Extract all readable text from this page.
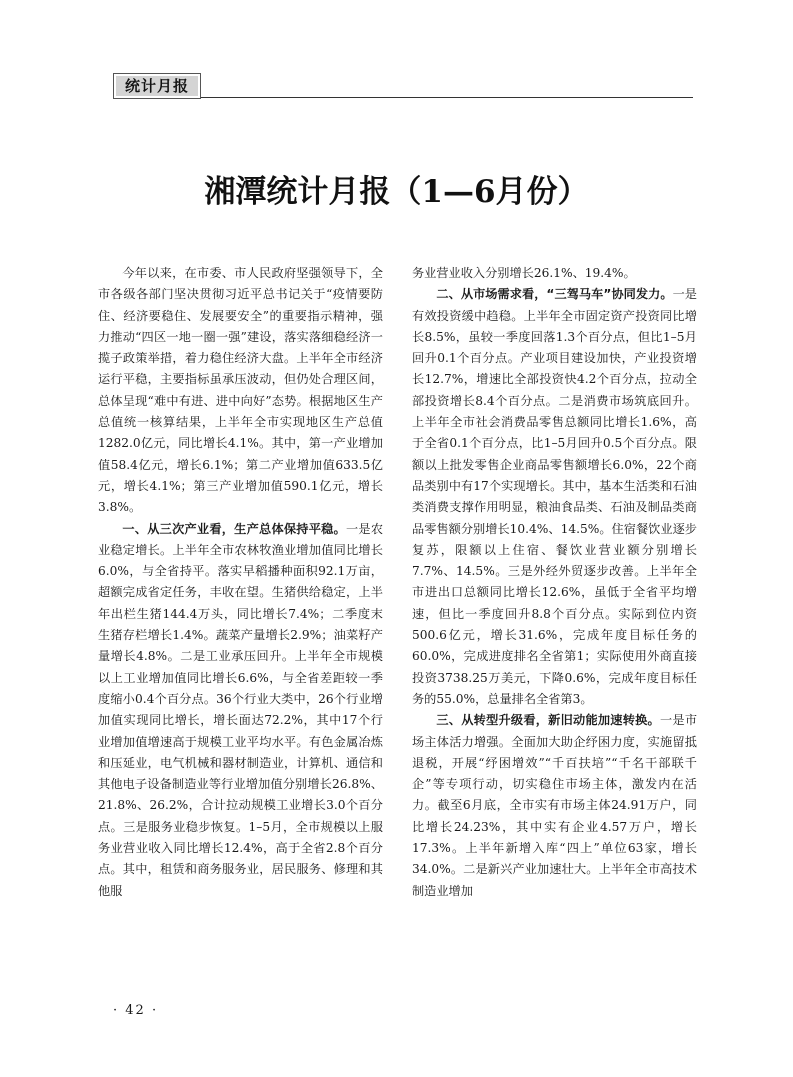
统计月报
湘潭统计月报（1—6月份）

今年以来，在市委、市人民政府坚强领导下，全市各级各部门坚决贯彻习近平总书记关于“疫情要防住、经济要稳住、发展要安全”的重要指示精神，强力推动“四区一地一圈一强”建设，落实落细稳经济一揽子政策举措，着力稳住经济大盘。上半年全市经济运行平稳，主要指标虽承压波动，但仍处合理区间，总体呈现“难中有进、进中向好”态势。根据地区生产总值统一核算结果，上半年全市实现地区生产总值1282.0亿元，同比增长4.1%。其中，第一产业增加值58.4亿元，增长6.1%；第二产业增加值633.5亿元，增长4.1%；第三产业增加值590.1亿元，增长3.8%。

一、从三次产业看，生产总体保持平稳。一是农业稳定增长。上半年全市农林牧渔业增加值同比增长6.0%，与全省持平。落实早稻播种面积92.1万亩，超额完成省定任务，丰收在望。生猪供给稳定，上半年出栏生猪144.4万头，同比增长7.4%；二季度末生猪存栏增长1.4%。蔬菜产量增长2.9%；油菜籽产量增长4.8%。二是工业承压回升。上半年全市规模以上工业增加值同比增长6.6%，与全省差距较一季度缩小0.4个百分点。36个行业大类中，26个行业增加值实现同比增长，增长面达72.2%，其中17个行业增加值增速高于规模工业平均水平。有色金属冶炼和压延业，电气机械和器材制造业，计算机、通信和其他电子设备制造业等行业增加值分别增长26.8%、21.8%、26.2%，合计拉动规模工业增长3.0个百分点。三是服务业稳步恢复。1–5月，全市规模以上服务业营业收入同比增长12.4%，高于全省2.8个百分点。其中，租赁和商务服务业，居民服务、修理和其他服

务业营业收入分别增长26.1%、19.4%。

二、从市场需求看，“三驾马车”协同发力。一是有效投资缓中趋稳。上半年全市固定资产投资同比增长8.5%，虽较一季度回落1.3个百分点，但比1–5月回升0.1个百分点。产业项目建设加快，产业投资增长12.7%，增速比全部投资快4.2个百分点，拉动全部投资增长8.4个百分点。二是消费市场筑底回升。上半年全市社会消费品零售总额同比增长1.6%，高于全省0.1个百分点，比1–5月回升0.5个百分点。限额以上批发零售企业商品零售额增长6.0%，22个商品类别中有17个实现增长。其中，基本生活类和石油类消费支撑作用明显，粮油食品类、石油及制品类商品零售额分别增长10.4%、14.5%。住宿餐饮业逐步复苏，限额以上住宿、餐饮业营业额分别增长7.7%、14.5%。三是外经外贸逐步改善。上半年全市进出口总额同比增长12.6%，虽低于全省平均增速，但比一季度回升8.8个百分点。实际到位内资500.6亿元，增长31.6%，完成年度目标任务的60.0%，完成进度排名全省第1；实际使用外商直接投资3738.25万美元，下降0.6%，完成年度目标任务的55.0%，总量排名全省第3。

三、从转型升级看，新旧动能加速转换。一是市场主体活力增强。全面加大助企纾困力度，实施留抵退税，开展“纾困增效”“千百扶培”“千名干部联千企”等专项行动，切实稳住市场主体，激发内在活力。截至6月底，全市实有市场主体24.91万户，同比增长24.23%，其中实有企业4.57万户，增长17.3%。上半年新增入库“四上”单位63家，增长34.0%。二是新兴产业加速壮大。上半年全市高技术制造业增加

· 42 ·
